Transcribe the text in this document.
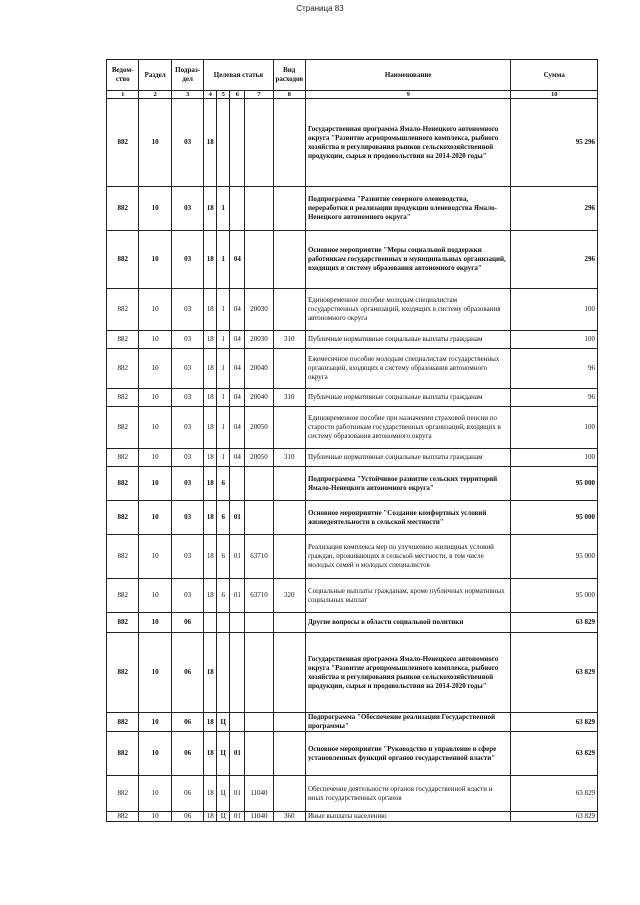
Страница 83
Ведом-ство	Раздел	Подраз-дел	Целевая статья				Вид расходов	Наименование	Сумма
1	2	3	4	5	6	7	8	9	10
882	10	03	18					Государственная программа Ямало-Ненецкого автономного округа "Развитие агропромышленного комплекса, рыбного хозяйства и регулирования рынков сельскохозяйственной продукции, сырья и продовольствия на 2014-2020 годы"	95 296
882	10	03	18	1				Подпрограмма "Развитие северного оленеводства, переработки и реализации продукции оленеводства Ямало-Ненецкого автономного округа"	296
882	10	03	18	1	04			Основное мероприятие "Меры социальной поддержки работникам государственных и муниципальных организаций, входящих в систему образования автономного округа"	296
882	10	03	18	1	04	20030		Единовременное пособие молодым специалистам государственных организаций, входящих в систему образования автономного округа	100
882	10	03	18	1	04	20030	310	Публичные нормативные социальные выплаты гражданам	100
882	10	03	18	1	04	20040		Ежемесячное пособие молодым специалистам государственных организаций, входящих в систему образования автономного округа	96
882	10	03	18	1	04	20040	310	Публичные нормативные социальные выплаты гражданам	96
882	10	03	18	1	04	20050		Единовременное пособие при назначении страховой пенсии по старости работникам государственных организаций, входящих в систему образования автономного округа	100
882	10	03	18	1	04	20050	310	Публичные нормативные социальные выплаты гражданам	100
882	10	03	18	6				Подпрограмма "Устойчивое развитие сельских территорий Ямало-Ненецкого автономного округа"	95 000
882	10	03	18	6	01			Основное мероприятие "Создание комфортных условий жизнедеятельности в сельской местности"	95 000
882	10	03	18	6	01	63710		Реализация комплекса мер по улучшению жилищных условий граждан, проживающих в сельской местности, в том числе молодых семей и молодых специалистов	95 000
882	10	03	18	6	01	63710	320	Социальные выплаты гражданам, кроме публичных нормативных социальных выплат	95 000
882	10	06						Другие вопросы в области социальной политики	63 829
882	10	06	18					Государственная программа Ямало-Ненецкого автономного округа "Развитие агропромышленного комплекса, рыбного хозяйства и регулирования рынков сельскохозяйственной продукции, сырья и продовольствия на 2014-2020 годы"	63 829
882	10	06	18	Ц				Подпрограмма "Обеспечение реализации Государственной программы"	63 829
882	10	06	18	Ц	01			Основное мероприятие "Руководство и управление в сфере установленных функций органов государственной власти"	63 829
882	10	06	18	Ц	01	11040		Обеспечение деятельности органов государственной власти и иных государственных органов	63 829
882	10	06	18	Ц	01	11040	360	Иные выплаты населению	63 829
